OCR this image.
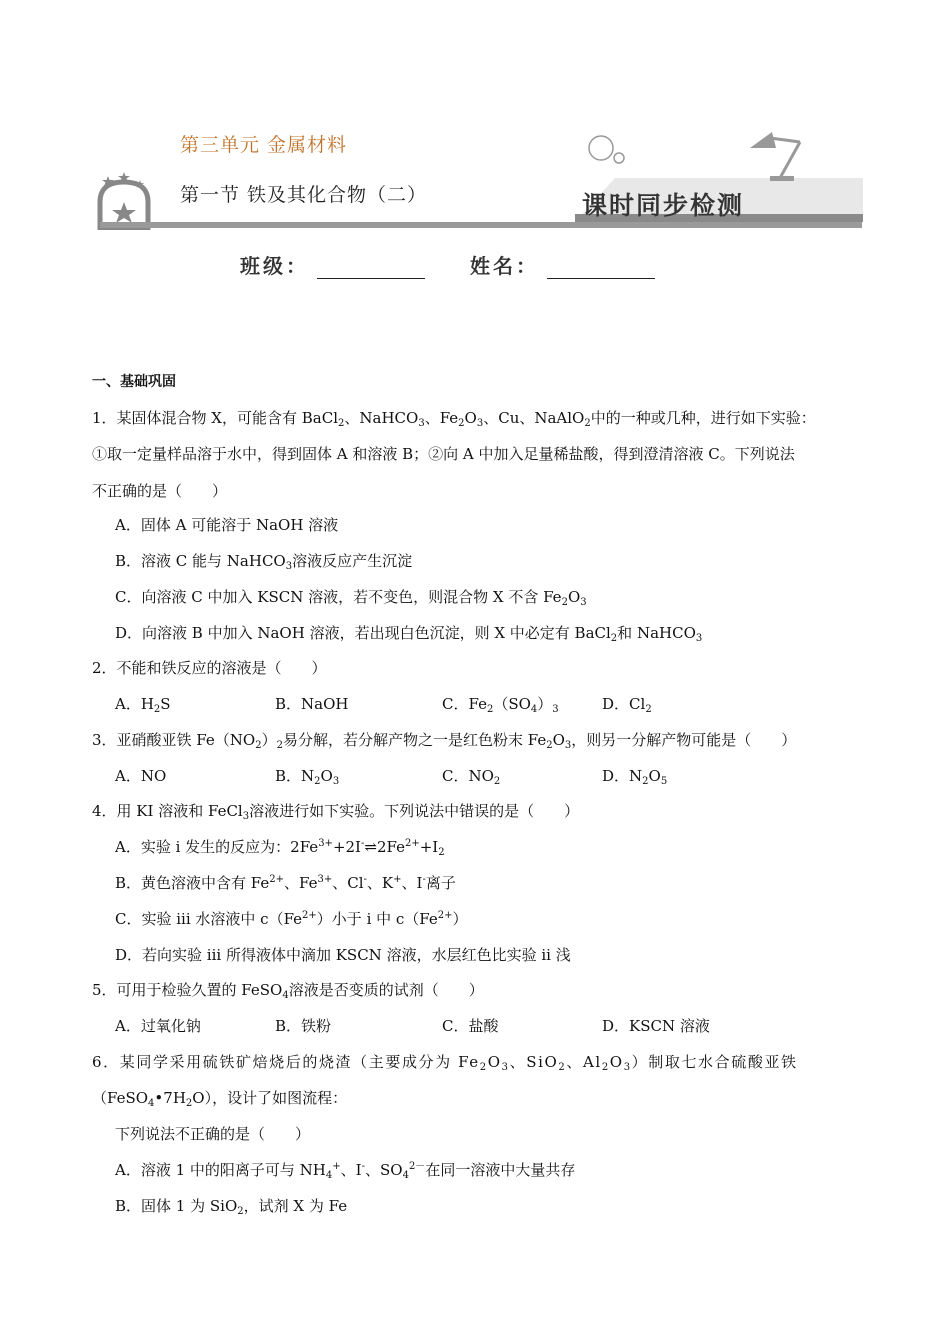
第三单元 金属材料
第一节 铁及其化合物（二）	课时同步检测
班级：	姓名：
一、基础巩固
1．某固体混合物 X，可能含有 BaCl$_2$、NaHCO$_3$、$Fe_2O_3$、Cu、NaAlO$_2$中的一种或几种，进行如下实验：
①取一定量样品溶于水中，得到固体 A 和溶液 B；②向 A 中加入足量稀盐酸，得到澄清溶液 C。下列说法
不正确的是（　　）
A．固体 A 可能溶于 NaOH 溶液
B．溶液 C 能与 NaHCO$_3$溶液反应产生沉淀
C．向溶液 C 中加入 KSCN 溶液，若不变色，则混合物 X 不含 $Fe_2O_3$
D．向溶液 B 中加入 NaOH 溶液，若出现白色沉淀，则 X 中必定有 BaCl$_2$和 NaHCO$_3$
2．不能和铁反应的溶液是（　　）
A．$H_2S$	B．NaOH	C．$Fe_2(SO_4)_3$	D．$Cl_2$
3．亚硝酸亚铁 $Fe(NO_2)_2$易分解，若分解产物之一是红色粉末 $Fe_2O_3$，则另一分解产物可能是（　　）
A．NO	B．$N_2O_3$	C．$NO_2$	D．$N_2O_5$
4．用 KI 溶液和 FeCl$_3$溶液进行如下实验。下列说法中错误的是（　　）
A．实验 i 发生的反应为：$2Fe^{3+}+2I^-\rightleftharpoons 2Fe^{2+}+I_2$
B．黄色溶液中含有 $Fe^{2+}$、$Fe^{3+}$、Cl-、K+、I-离子
C．实验 iii 水溶液中 $c(Fe^{2+})$小于 i 中 $c(Fe^{2+})$
D．若向实验 iii 所得液体中滴加 KSCN 溶液，水层红色比实验 ii 浅
5．可用于检验久置的 FeSO$_4$溶液是否变质的试剂（　　）
A．过氧化钠	B．铁粉	C．盐酸	D．KSCN 溶液
6．某同学采用硫铁矿焙烧后的烧渣（主要成分为 $Fe_2O_3$、SiO$_2$、$Al_2O_3$）制取七水合硫酸亚铁
$(FeSO_4•7H_2O)$，设计了如图流程：
下列说法不正确的是（　　）
A．溶液 1 中的阳离子可与 $NH_4^+$、I-、$SO_4^{2-}$在同一溶液中大量共存
B．固体 1 为 SiO$_2$，试剂 X 为 Fe
